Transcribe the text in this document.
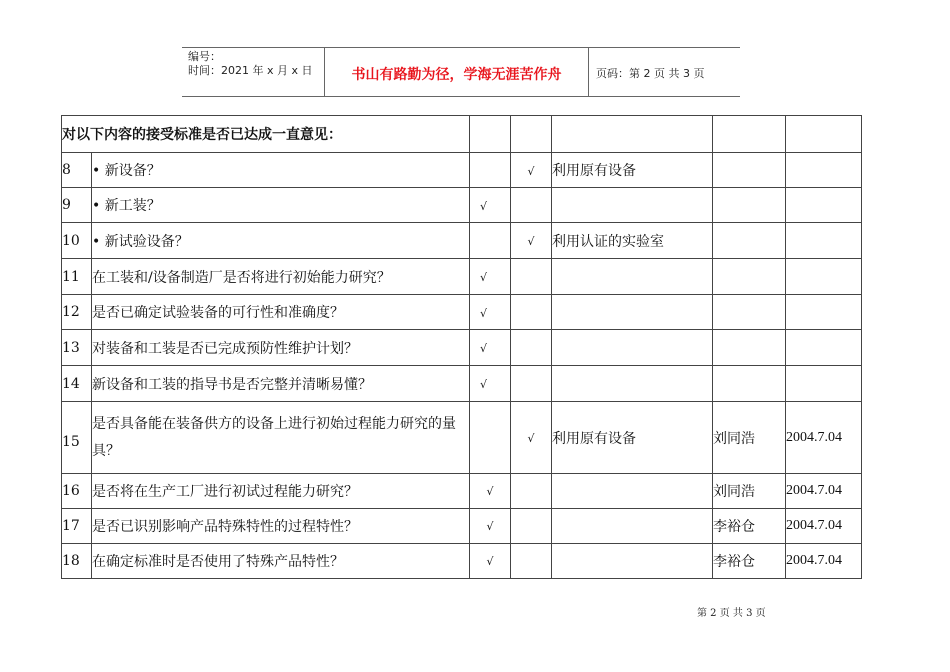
编号：
时间：2021 年 x 月 x 日	书山有路勤为径，学海无涯苦作舟	页码：第 2 页 共 3 页
对以下内容的接受标准是否已达成一直意见：						
8	• 新设备？		√	利用原有设备		
9	• 新工装？	√				
10	• 新试验设备？		√	利用认证的实验室		
11	在工装和/设备制造厂是否将进行初始能力研究？	√				
12	是否已确定试验装备的可行性和准确度？	√				
13	对装备和工装是否已完成预防性维护计划？	√				
14	新设备和工装的指导书是否完整并清晰易懂？	√				
15	是否具备能在装备供方的设备上进行初始过程能力研究的量具？		√	利用原有设备	刘同浩	2004.7.04
16	是否将在生产工厂进行初试过程能力研究？	√			刘同浩	2004.7.04
17	是否已识别影响产品特殊特性的过程特性？	√			李裕仓	2004.7.04
18	在确定标准时是否使用了特殊产品特性？	√			李裕仓	2004.7.04
第 2 页 共 3 页
